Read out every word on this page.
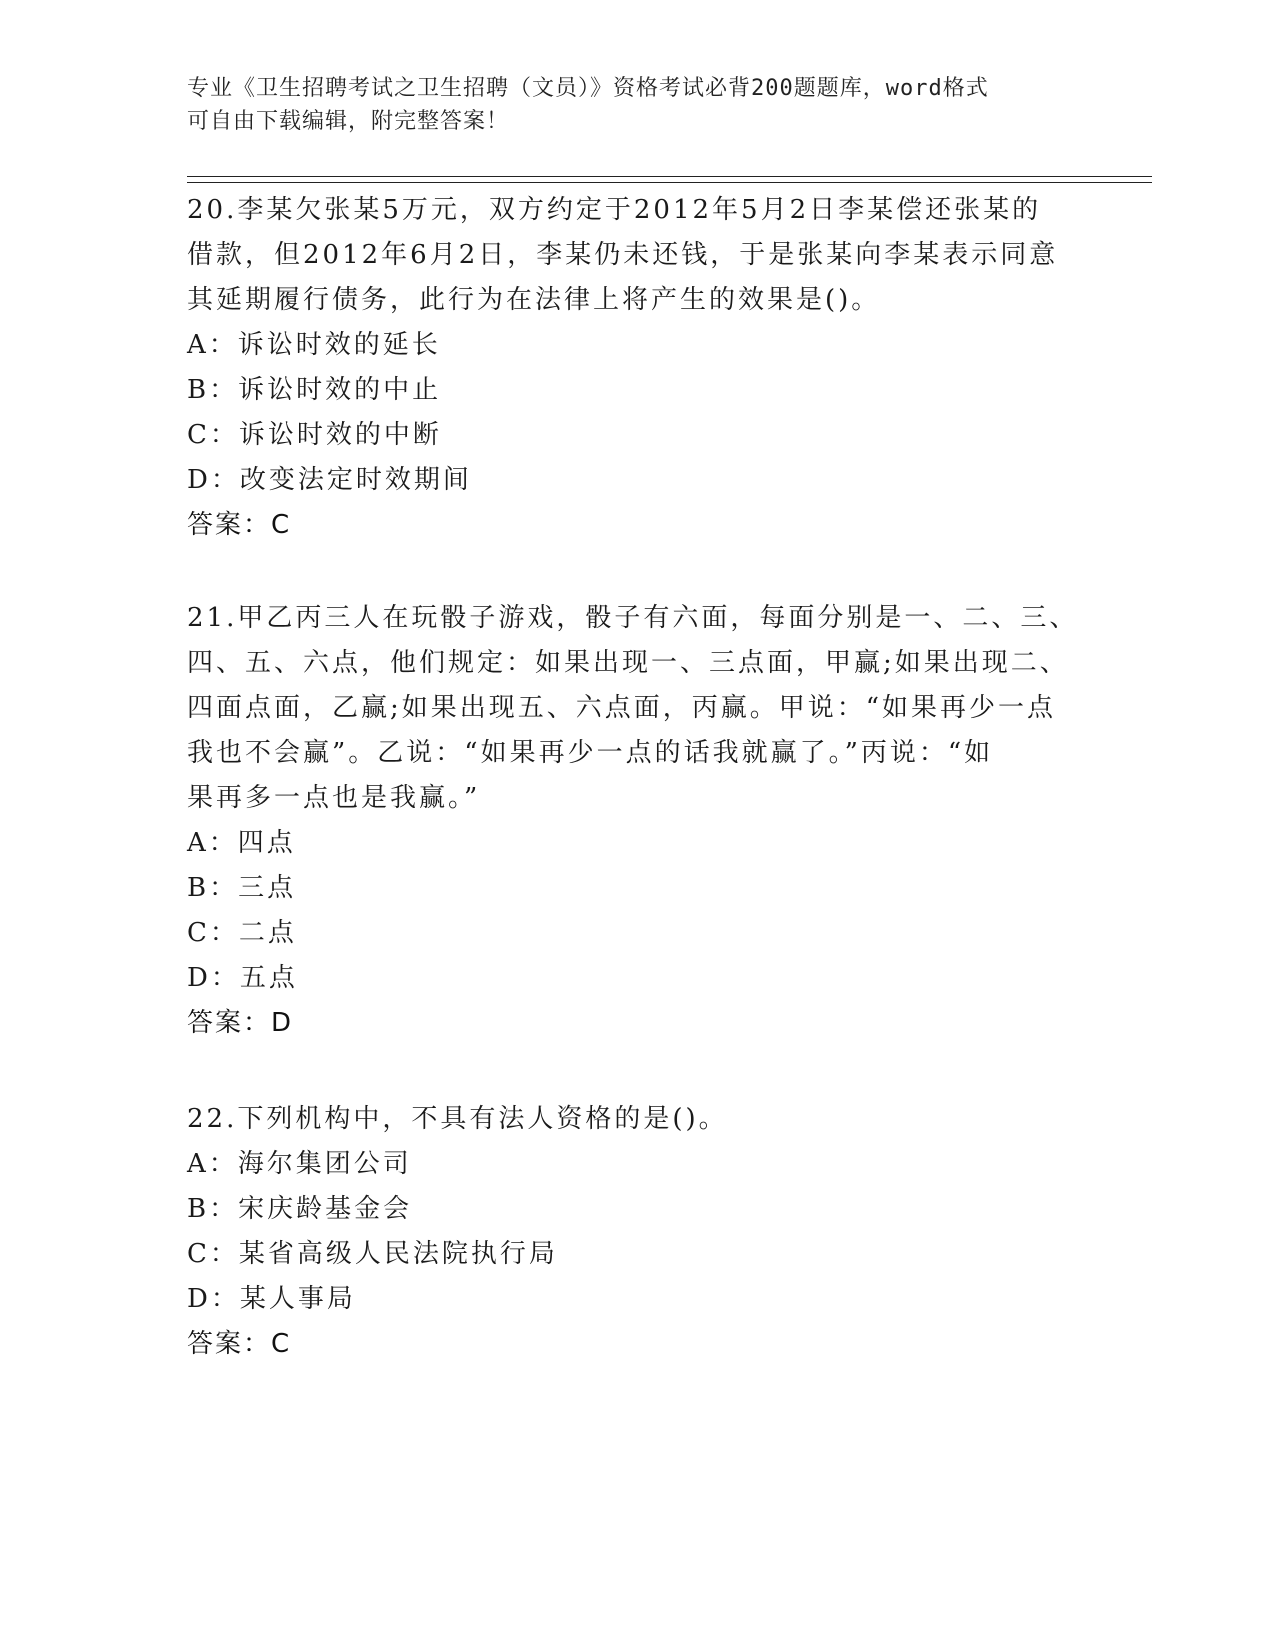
专业《卫生招聘考试之卫生招聘（文员）》资格考试必背200题题库，word格式
可自由下载编辑，附完整答案！

20.李某欠张某5万元，双方约定于2012年5月2日李某偿还张某的

借款，但2012年6月2日，李某仍未还钱，于是张某向李某表示同意

其延期履行债务，此行为在法律上将产生的效果是()。

A：诉讼时效的延长

B：诉讼时效的中止

C：诉讼时效的中断

D：改变法定时效期间

答案：C

21.甲乙丙三人在玩骰子游戏，骰子有六面，每面分别是一、二、三、

四、五、六点，他们规定：如果出现一、三点面，甲赢;如果出现二、

四面点面，乙赢;如果出现五、六点面，丙赢。甲说：“如果再少一点

我也不会赢”。乙说：“如果再少一点的话我就赢了。”丙说：“如

果再多一点也是我赢。”

A：四点

B：三点

C：二点

D：五点

答案：D

22.下列机构中，不具有法人资格的是()。

A：海尔集团公司

B：宋庆龄基金会

C：某省高级人民法院执行局

D：某人事局

答案：C
